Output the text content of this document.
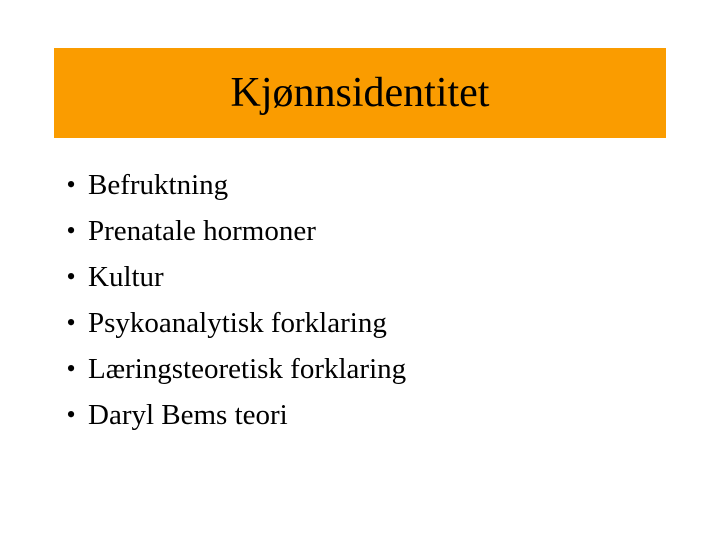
Kjønnsidentitet
• Befruktning
• Prenatale hormoner
• Kultur
• Psykoanalytisk forklaring
• Læringsteoretisk forklaring
• Daryl Bems teori
